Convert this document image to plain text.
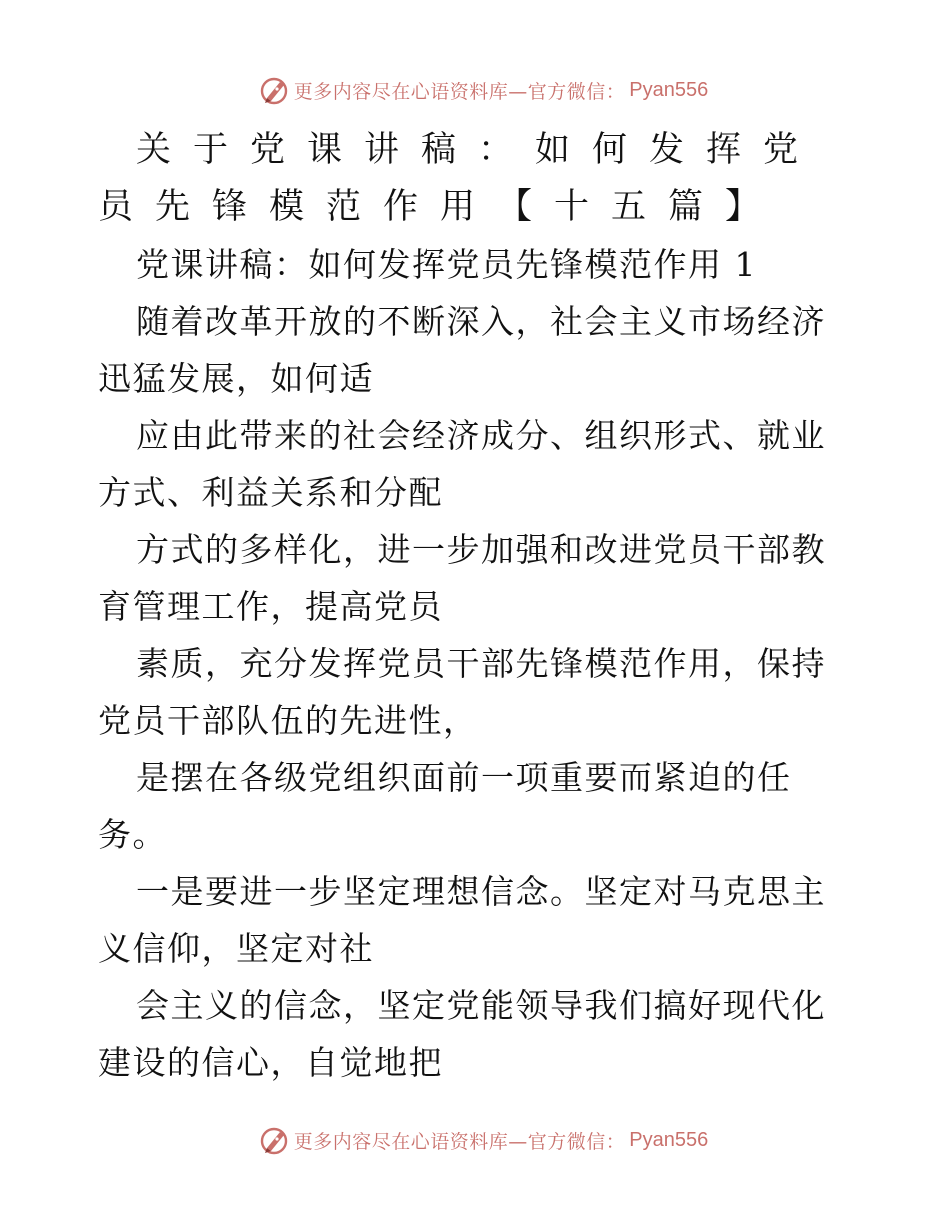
更多内容尽在心语资料库—官方微信： Pyan556

关于党课讲稿：如何发挥党员先锋模范作用【十五篇】

党课讲稿：如何发挥党员先锋模范作用 1

随着改革开放的不断深入，社会主义市场经济迅猛发展，如何适

应由此带来的社会经济成分、组织形式、就业方式、利益关系和分配

方式的多样化，进一步加强和改进党员干部教育管理工作，提高党员

素质，充分发挥党员干部先锋模范作用，保持党员干部队伍的先进性，

是摆在各级党组织面前一项重要而紧迫的任务。

一是要进一步坚定理想信念。坚定对马克思主义信仰，坚定对社

会主义的信念，坚定党能领导我们搞好现代化建设的信心，自觉地把

更多内容尽在心语资料库—官方微信： Pyan556
